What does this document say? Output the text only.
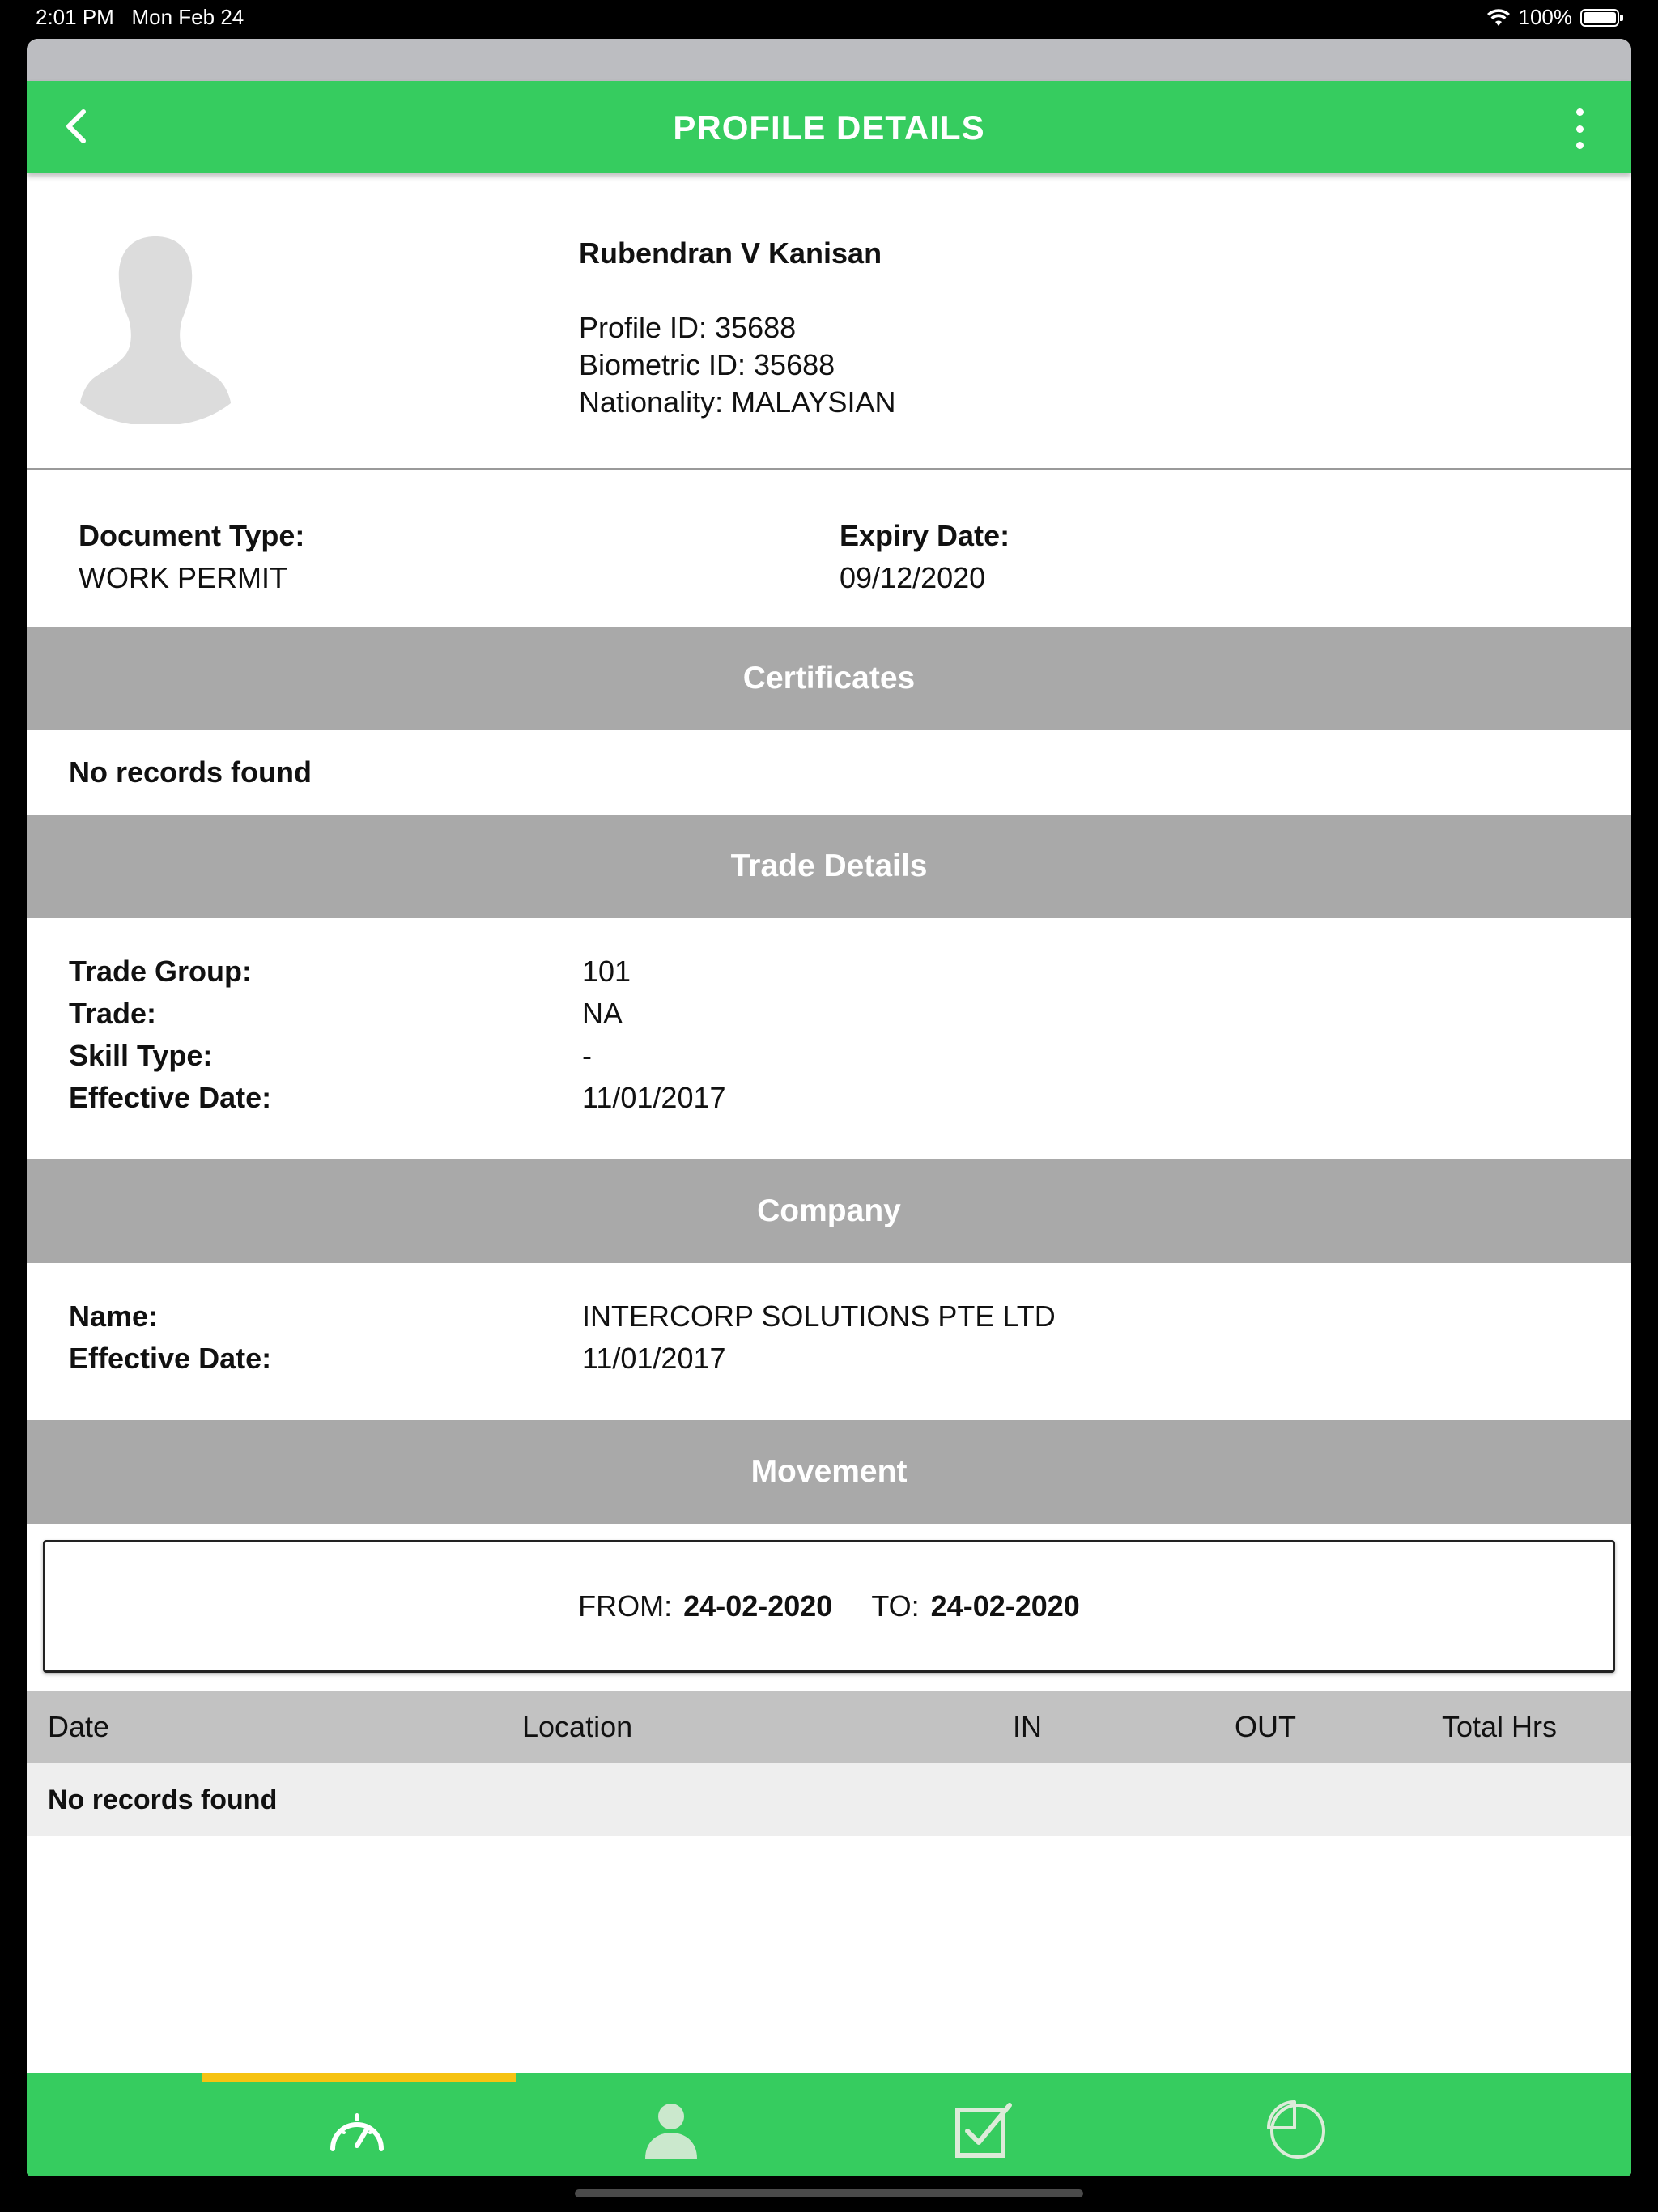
2:01 PM Mon Feb 24	100%
PROFILE DETAILS
Rubendran V Kanisan
Profile ID: 35688
Biometric ID: 35688
Nationality: MALAYSIAN
Document Type:
WORK PERMIT
Expiry Date:
09/12/2020
Certificates
No records found
Trade Details
Trade Group:	101
Trade:	NA
Skill Type:	-
Effective Date:	11/01/2017
Company
Name:	INTERCORP SOLUTIONS PTE LTD
Effective Date:	11/01/2017
Movement
FROM: 24-02-2020 TO: 24-02-2020
Date	Location	IN	OUT	Total Hrs
No records found
